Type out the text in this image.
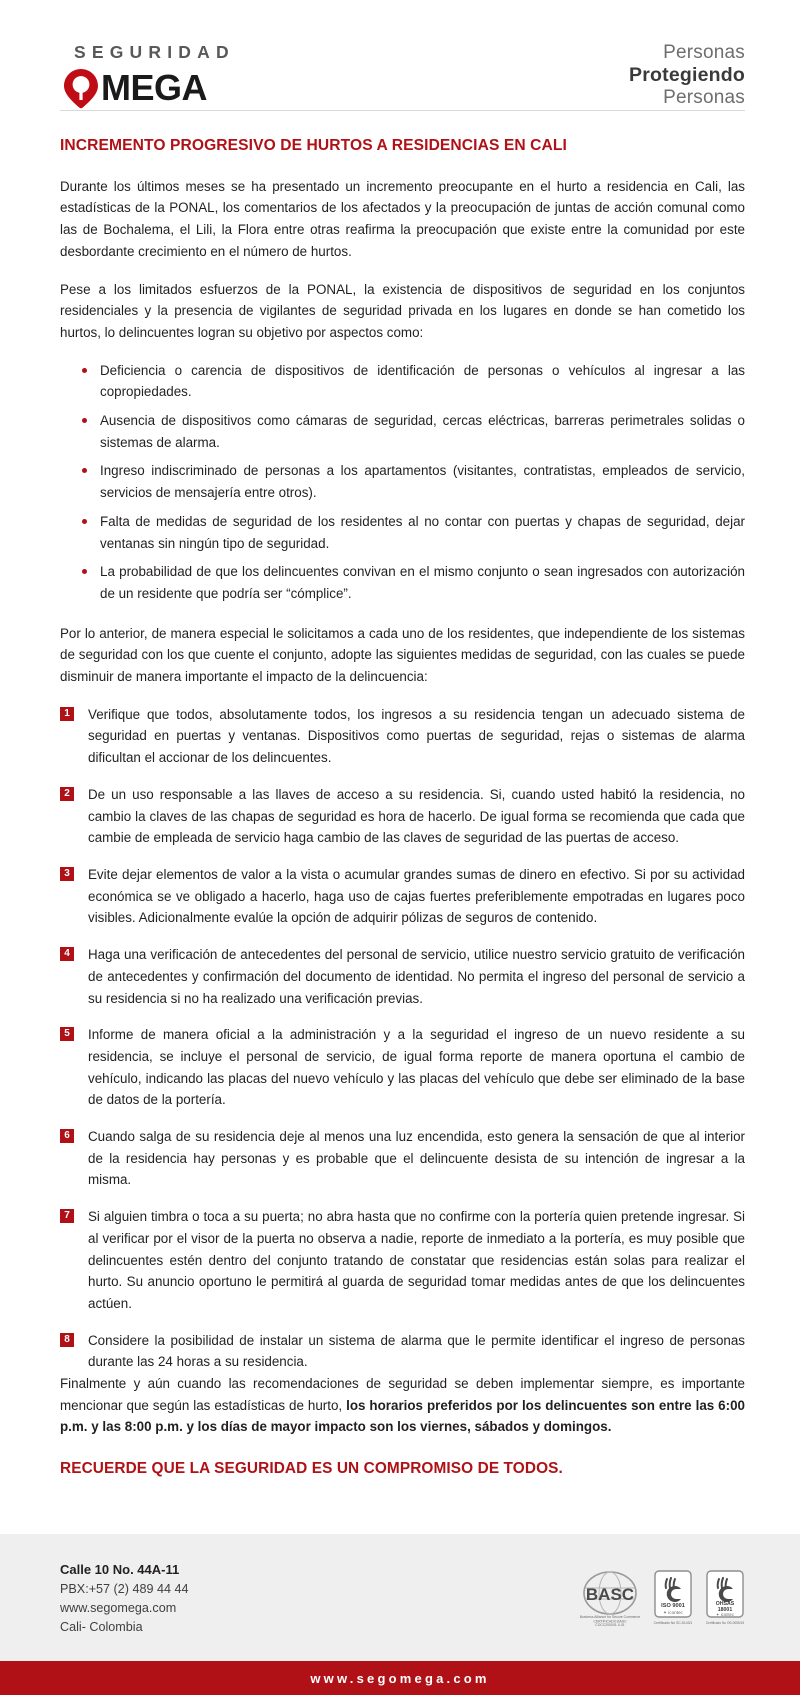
SEGURIDAD
MEGA
Personas
Protegiendo
Personas
INCREMENTO PROGRESIVO DE HURTOS A RESIDENCIAS EN CALI

Durante los últimos meses se ha presentado un incremento preocupante en el hurto a residencia en Cali, las estadísticas de la PONAL, los comentarios de los afectados y la preocupación de juntas de acción comunal como las de Bochalema, el Lili, la Flora entre otras reafirma la preocupación que existe entre la comunidad por este desbordante crecimiento en el número de hurtos.

Pese a los limitados esfuerzos de la PONAL, la existencia de dispositivos de seguridad en los conjuntos residenciales y la presencia de vigilantes de seguridad privada en los lugares en donde se han cometido los hurtos, lo delincuentes logran su objetivo por aspectos como:

Deficiencia o carencia de dispositivos de identificación de personas o vehículos al ingresar a las copropiedades.
Ausencia de dispositivos como cámaras de seguridad, cercas eléctricas, barreras perimetrales solidas o sistemas de alarma.
Ingreso indiscriminado de personas a los apartamentos (visitantes, contratistas, empleados de servicio, servicios de mensajería entre otros).
Falta de medidas de seguridad de los residentes al no contar con puertas y chapas de seguridad, dejar ventanas sin ningún tipo de seguridad.
La probabilidad de que los delincuentes convivan en el mismo conjunto o sean ingresados con autorización de un residente que podría ser “cómplice”.

Por lo anterior, de manera especial le solicitamos a cada uno de los residentes, que independiente de los sistemas de seguridad con los que cuente el conjunto, adopte las siguientes medidas de seguridad, con las cuales se puede disminuir de manera importante el impacto de la delincuencia:

1	Verifique que todos, absolutamente todos, los ingresos a su residencia tengan un adecuado sistema de seguridad en puertas y ventanas. Dispositivos como puertas de seguridad, rejas o sistemas de alarma dificultan el accionar de los delincuentes.
2	De un uso responsable a las llaves de acceso a su residencia. Si, cuando usted habitó la residencia, no cambio la claves de las chapas de seguridad es hora de hacerlo. De igual forma se recomienda que cada que cambie de empleada de servicio haga cambio de las claves de seguridad de las puertas de acceso.
3	Evite dejar elementos de valor a la vista o acumular grandes sumas de dinero en efectivo. Si por su actividad económica se ve obligado a hacerlo, haga uso de cajas fuertes preferiblemente empotradas en lugares poco visibles. Adicionalmente evalúe la opción de adquirir pólizas de seguros de contenido.
4	Haga una verificación de antecedentes del personal de servicio, utilice nuestro servicio gratuito de verificación de antecedentes y confirmación del documento de identidad. No permita el ingreso del personal de servicio a su residencia si no ha realizado una verificación previas.
5	Informe de manera oficial a la administración y a la seguridad el ingreso de un nuevo residente a su residencia, se incluye el personal de servicio, de igual forma reporte de manera oportuna el cambio de vehículo, indicando las placas del nuevo vehículo y las placas del vehículo que debe ser eliminado de la base de datos de la portería.
6	Cuando salga de su residencia deje al menos una luz encendida, esto genera la sensación de que al interior de la residencia hay personas y es probable que el delincuente desista de su intención de ingresar a la misma.
7	Si alguien timbra o toca a su puerta; no abra hasta que no confirme con la portería quien pretende ingresar. Si al verificar por el visor de la puerta no observa a nadie, reporte de inmediato a la portería, es muy posible que delincuentes estén dentro del conjunto tratando de constatar que residencias están solas para realizar el hurto. Su anuncio oportuno le permitirá al guarda de seguridad tomar medidas antes de que los delincuentes actúen.
8	Considere la posibilidad de instalar un sistema de alarma que le permite identificar el ingreso de personas durante las 24 horas a su residencia.

Finalmente y aún cuando las recomendaciones de seguridad se deben implementar siempre, es importante mencionar que según las estadísticas de hurto, los horarios preferidos por los delincuentes son entre las 6:00 p.m. y las 8:00 p.m. y los días de mayor impacto son los viernes, sábados y domingos.

RECUERDE QUE LA SEGURIDAD ES UN COMPROMISO DE TODOS.
Calle 10 No. 44A-11
PBX:+57 (2) 489 44 44
www.segomega.com
Cali- Colombia
BASC
Business Alliance for Secure Commerce
CERTIFICADO BASC
COCC200001-V-01
ISO 9001
✦ icontec
Certificado No SC-5143/1
OHSAS
18001
✦ icontec
Certificado No OS-0055/15
www.segomega.com
